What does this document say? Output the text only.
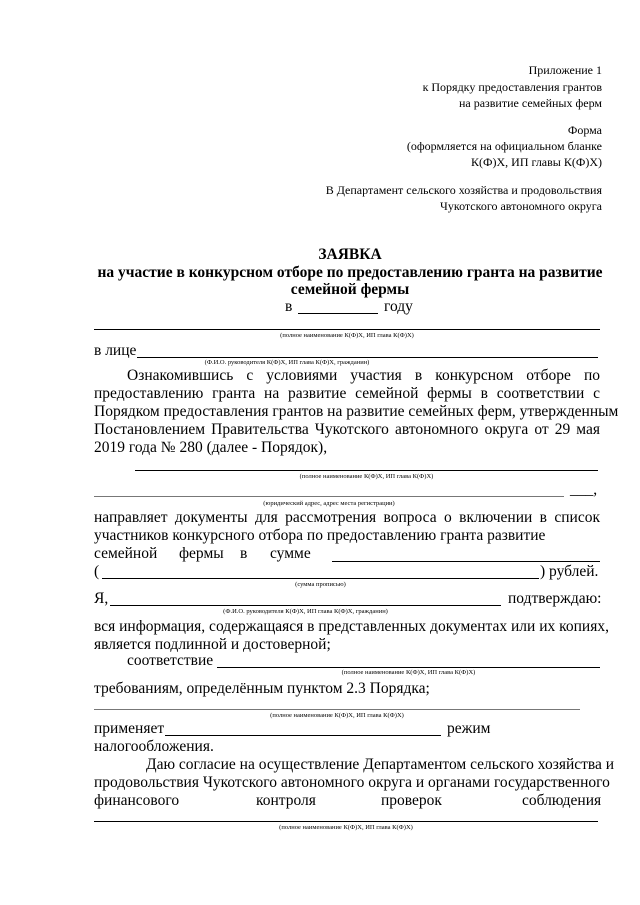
Приложение 1
к Порядку предоставления грантов
на развитие семейных ферм
Форма
(оформляется на официальном бланке
К(Ф)Х, ИП главы К(Ф)Х)
В Департамент сельского хозяйства и продовольствия
Чукотского автономного округа
ЗАЯВКА
на участие в конкурсном отборе по предоставлению гранта на развитие
семейной фермы
в	году
(полное наименование К(Ф)Х, ИП глава К(Ф)Х)
в лице
(Ф.И.О. руководителя К(Ф)Х, ИП глава К(Ф)Х, гражданин)
Ознакомившись с условиями участия в конкурсном отборе по
предоставлению гранта на развитие семейной фермы в соответствии с
Порядком предоставления грантов на развитие семейных ферм, утвержденным
Постановлением Правительства Чукотского автономного округа от 29 мая
2019 года № 280 (далее - Порядок),
(полное наименование К(Ф)Х, ИП глава К(Ф)Х)
___,
(юридический адрес, адрес места регистрации)
направляет документы для рассмотрения вопроса о включении в список
участников конкурсного отбора по предоставлению гранта развитие
семейной фермы в сумме
(	) рублей.
(сумма прописью)
Я,	подтверждаю:
(Ф.И.О. руководителя К(Ф)Х, ИП глава К(Ф)Х, гражданин)
вся информация, содержащаяся в представленных документах или их копиях,
является подлинной и достоверной;
соответствие
(полное наименование К(Ф)Х, ИП глава К(Ф)Х)
требованиям, определённым пунктом 2.3 Порядка;
(полное наименование К(Ф)Х, ИП глава К(Ф)Х)
применяет	режим
налогообложения.
Даю согласие на осуществление Департаментом сельского хозяйства и
продовольствия Чукотского автономного округа и органами государственного
финансового	контроля	проверок	соблюдения
(полное наименование К(Ф)Х, ИП глава К(Ф)Х)
